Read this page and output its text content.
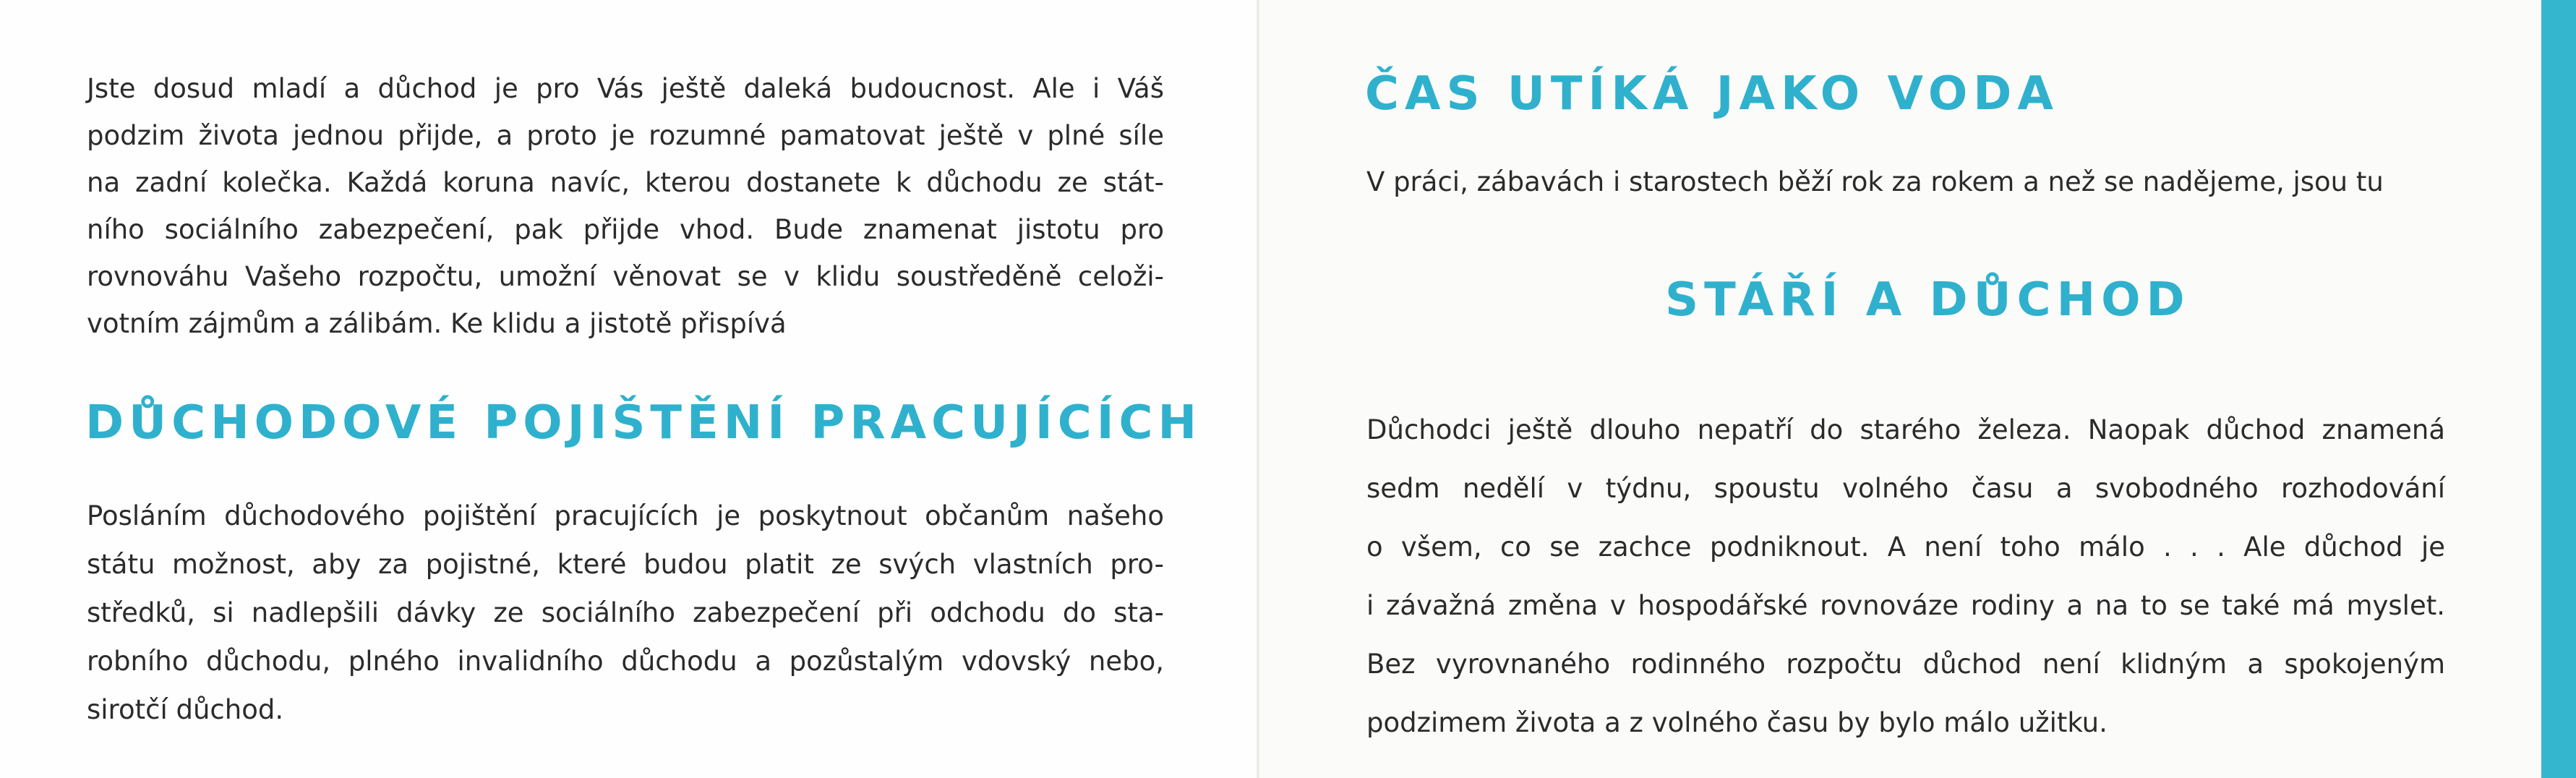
Jste dosud mladí a důchod je pro Vás ještě daleká budoucnost. Ale i Váš
podzim života jednou přijde, a proto je rozumné pamatovat ještě v plné síle
na zadní kolečka. Každá koruna navíc, kterou dostanete k důchodu ze stát-
ního sociálního zabezpečení, pak přijde vhod. Bude znamenat jistotu pro
rovnováhu Vašeho rozpočtu, umožní věnovat se v klidu soustředěně celoži-
votním zájmům a zálibám. Ke klidu a jistotě přispívá

DŮCHODOVÉ POJIŠTĚNÍ PRACUJÍCÍCH

Posláním důchodového pojištění pracujících je poskytnout občanům našeho
státu možnost, aby za pojistné, které budou platit ze svých vlastních pro-
středků, si nadlepšili dávky ze sociálního zabezpečení při odchodu do sta-
robního důchodu, plného invalidního důchodu a pozůstalým vdovský nebo,
sirotčí důchod.

ČAS UTÍKÁ JAKO VODA

V práci, zábavách i starostech běží rok za rokem a než se nadějeme, jsou tu

STÁŘÍ A DŮCHOD

Důchodci ještě dlouho nepatří do starého železa. Naopak důchod znamená
sedm nedělí v týdnu, spoustu volného času a svobodného rozhodování
o všem, co se zachce podniknout. A není toho málo . . . Ale důchod je
i závažná změna v hospodářské rovnováze rodiny a na to se také má myslet.
Bez vyrovnaného rodinného rozpočtu důchod není klidným a spokojeným
podzimem života a z volného času by bylo málo užitku.
